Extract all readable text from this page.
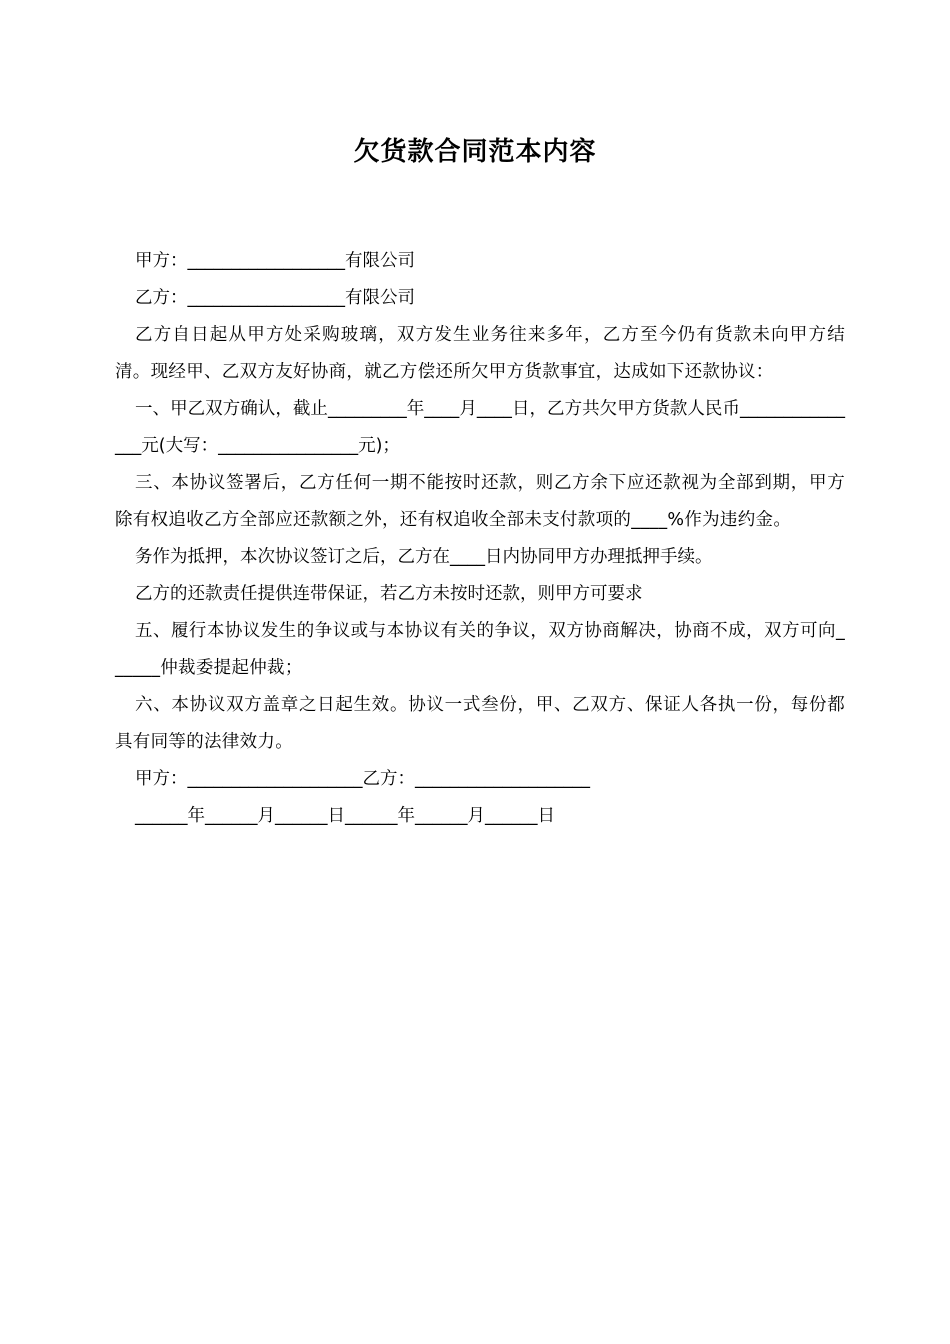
欠货款合同范本内容

甲方：__________________有限公司

乙方：__________________有限公司

乙方自日起从甲方处采购玻璃，双方发生业务往来多年，乙方至今仍有货款未向甲方结清。现经甲、乙双方友好协商，就乙方偿还所欠甲方货款事宜，达成如下还款协议：

一、甲乙双方确认，截止_________年____月____日，乙方共欠甲方货款人民币_______________元(大写：________________元)；

三、本协议签署后，乙方任何一期不能按时还款，则乙方余下应还款视为全部到期，甲方除有权追收乙方全部应还款额之外，还有权追收全部未支付款项的____%作为违约金。

务作为抵押，本次协议签订之后，乙方在____日内协同甲方办理抵押手续。

乙方的还款责任提供连带保证，若乙方未按时还款，则甲方可要求

五、履行本协议发生的争议或与本协议有关的争议，双方协商解决，协商不成，双方可向______仲裁委提起仲裁；

六、本协议双方盖章之日起生效。协议一式叁份，甲、乙双方、保证人各执一份，每份都具有同等的法律效力。

甲方：____________________乙方：____________________

______年______月______日______年______月______日
